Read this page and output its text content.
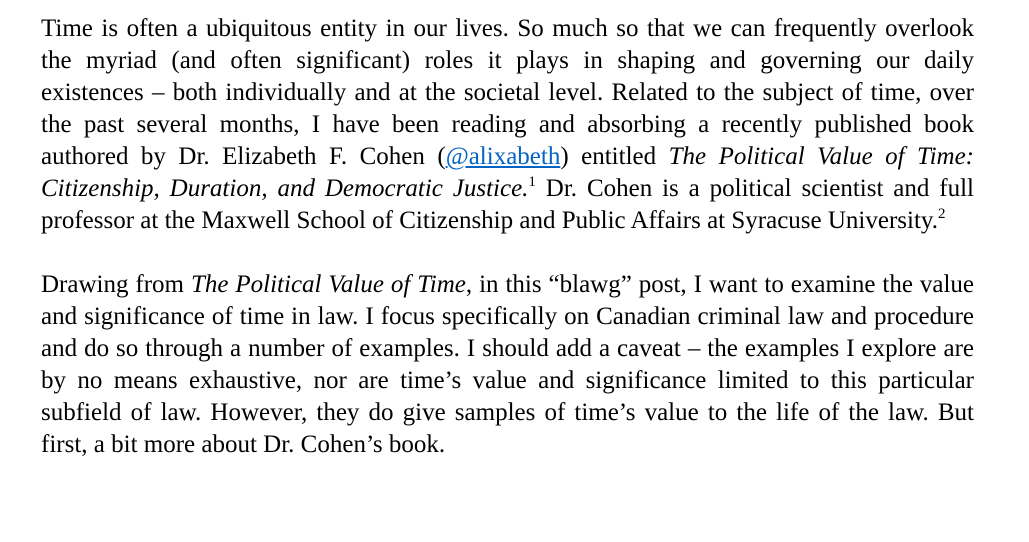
Time is often a ubiquitous entity in our lives. So much so that we can frequently overlook the myriad (and often significant) roles it plays in shaping and governing our daily existences – both individually and at the societal level. Related to the subject of time, over the past several months, I have been reading and absorbing a recently published book authored by Dr. Elizabeth F. Cohen (@alixabeth) entitled The Political Value of Time: Citizenship, Duration, and Democratic Justice.$^1$ Dr. Cohen is a political scientist and full professor at the Maxwell School of Citizenship and Public Affairs at Syracuse University.$^2$

Drawing from The Political Value of Time, in this “blawg” post, I want to examine the value and significance of time in law. I focus specifically on Canadian criminal law and procedure and do so through a number of examples. I should add a caveat – the examples I explore are by no means exhaustive, nor are time’s value and significance limited to this particular subfield of law. However, they do give samples of time’s value to the life of the law. But first, a bit more about Dr. Cohen’s book.
